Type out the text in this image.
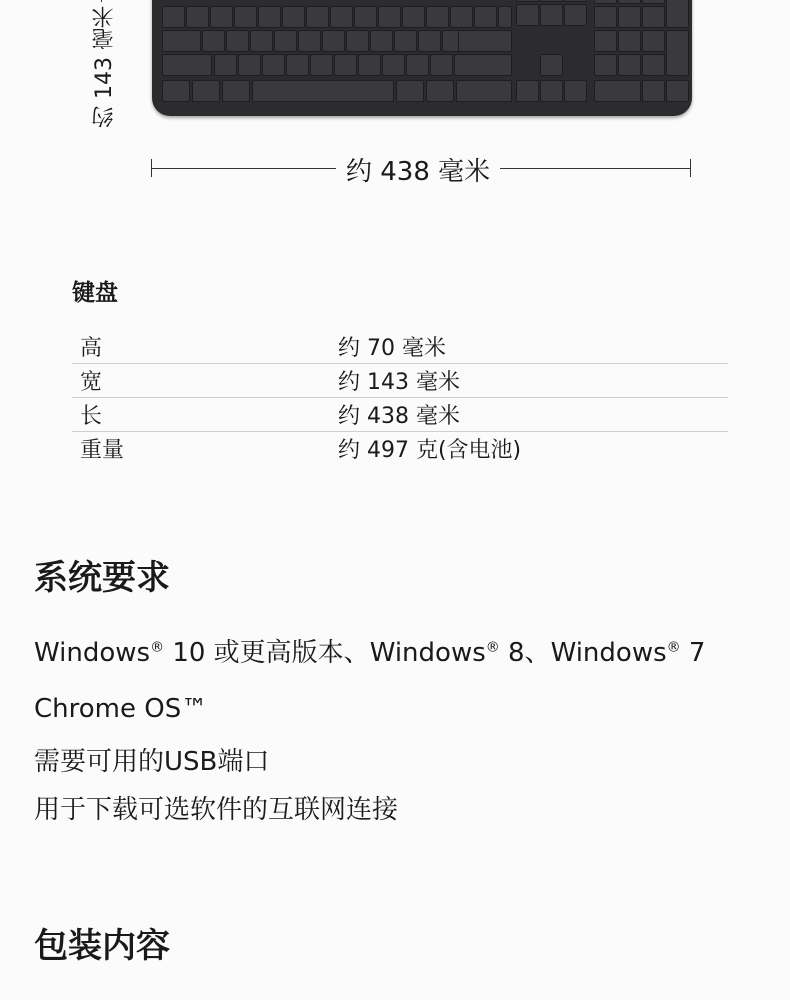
约 143 毫米
约 438 毫米
键盘
高	约 70 毫米
宽	约 143 毫米
长	约 438 毫米
重量	约 497 克(含电池)
系统要求

Windows® 10 或更高版本、Windows® 8、Windows® 7

Chrome OS™

需要可用的USB端口

用于下载可选软件的互联网连接

包装内容
